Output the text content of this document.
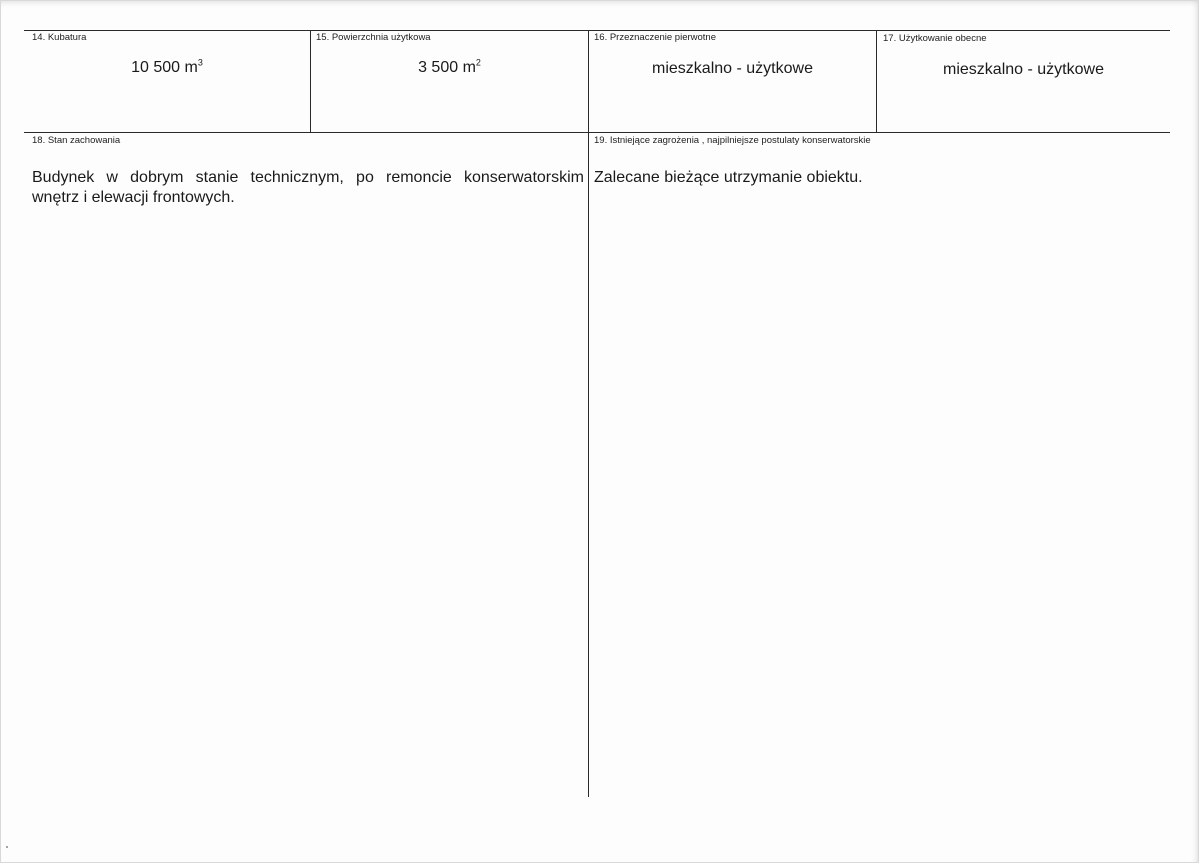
14. Kubatura
10 500 $m^3$
15. Powierzchnia użytkowa
3 500 $m^2$
16. Przeznaczenie pierwotne
mieszkalno - użytkowe
17. Użytkowanie obecne
mieszkalno - użytkowe
18. Stan zachowania
Budynek w dobrym stanie technicznym, po remoncie konserwatorskim
wnętrz i elewacji frontowych.
19. Istniejące zagrożenia , najpilniejsze postulaty konserwatorskie
Zalecane bieżące utrzymanie obiektu.
